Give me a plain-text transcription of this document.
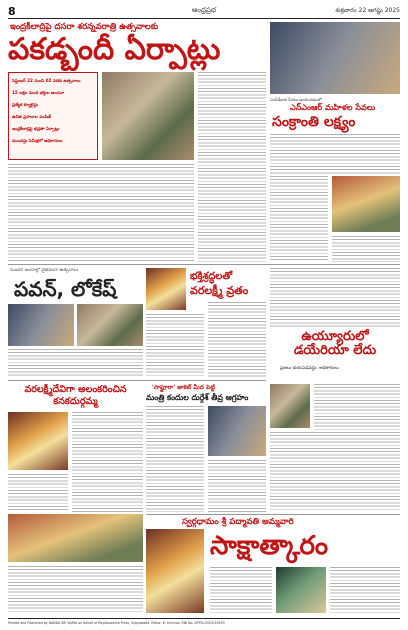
8	ఆంధ్రప్రభ	శుక్రవారం 22 ఆగష్టు 2025
ఇంద్రకీలాద్రిపై దసరా శరన్నవరాత్రి ఉత్సవాలకు
పకడ్బందీ ఏర్పాట్లు
సెప్టెంబర్ 22 నుంచి 02 వరకు ఉత్సవాలు
15 లక్షల మంది భక్తుల అంచనా
ప్రత్యేక క్యూలైన్లు
ఉచిత ప్రసాదాల పంపిణీ
ఇంద్రకీలాద్రిపై భద్రతా ఏర్పాట్లు
ముందస్తు సమీక్షలో అధికారులు
ఎంపీడీలకు సేవలు అందించడంలో
ఎన్ఎంఆర్ మహిళల సేవలు
సంక్రాంతి లక్ష్యం
సుందర అందాల్లో వైభవంగా ఉత్సవాలు
పవన్, లోకేష్
భక్తిశ్రద్ధలతో
వరలక్ష్మీ వ్రతం
ఉయ్యూరులో డయేరియా లేదు
ప్రజలు భయపడవద్దు: అధికారులు
వరలక్ష్మీదేవిగా అలంకరించిన కనకదుర్గమ్మ
'సాఫ్టూరా' జాకెట్ మీద పెట్టి
మంత్రి కందుల దుర్గేశ్ తీవ్ర ఆగ్రహం
స్వర్గధామం శ్రీ పద్మావతి అమ్మవారి
సాక్షాత్కారం
Printed and Published by NANDA SRI VIJAYA on behalf of Rayalaseema Press, Vijayawada. Editor: K. Srinivas. RNI No. APTEL/2003/10953
